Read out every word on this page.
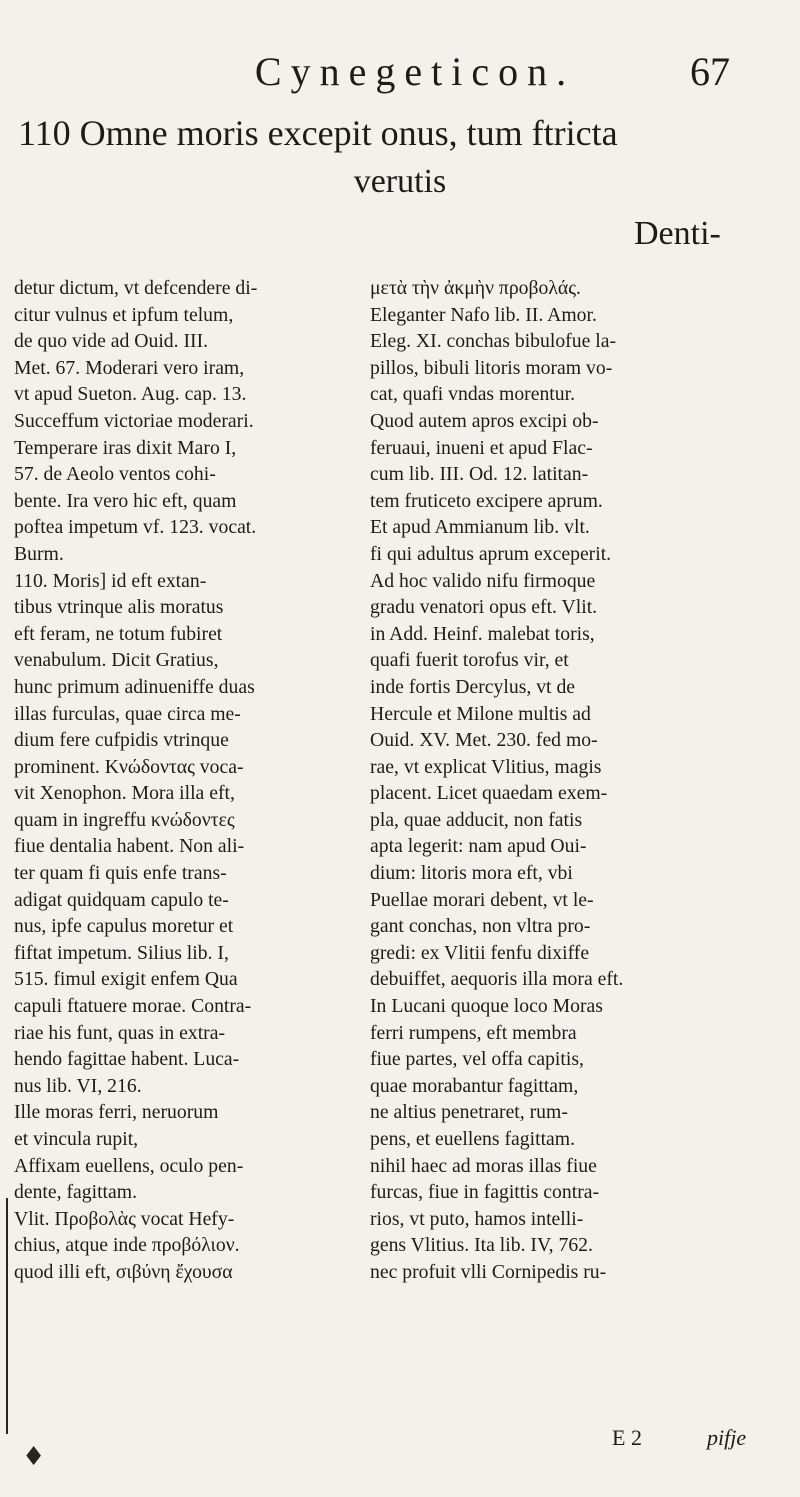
Cynegeticon.	67
110 Omne moris excepit onus, tum ftricta
verutis
Denti-
detur dictum, vt defcendere di-
citur vulnus et ipfum telum,
de quo vide ad Ouid. III.
Met. 67. Moderari vero iram,
vt apud Sueton. Aug. cap. 13.
Succeffum victoriae moderari.
Temperare iras dixit Maro I,
57. de Aeolo ventos cohi-
bente. Ira vero hic eft, quam
poftea impetum vf. 123. vocat.
Burm.
110. Moris] id eft extan-
tibus vtrinque alis moratus
eft feram, ne totum fubiret
venabulum. Dicit Gratius,
hunc primum adinueniffe duas
illas furculas, quae circa me-
dium fere cufpidis vtrinque
prominent. Κνώδοντας voca-
vit Xenophon. Mora illa eft,
quam in ingreffu κνώδοντες
fiue dentalia habent. Non ali-
ter quam fi quis enfe trans-
adigat quidquam capulo te-
nus, ipfe capulus moretur et
fiftat impetum. Silius lib. I,
515. fimul exigit enfem Qua
capuli ftatuere morae. Contra-
riae his funt, quas in extra-
hendo fagittae habent. Luca-
nus lib. VI, 216.
Ille moras ferri, neruorum
et vincula rupit,
Affixam euellens, oculo pen-
dente, fagittam.
Vlit. Προβολὰς vocat Hefy-
chius, atque inde προβόλιον.
quod illi eft, σιβύνη ἔχουσα
μετὰ τὴν ἀκμὴν προβολάς.
Eleganter Nafo lib. II. Amor.
Eleg. XI. conchas bibulofue la-
pillos, bibuli litoris moram vo-
cat, quafi vndas morentur.
Quod autem apros excipi ob-
feruaui, inueni et apud Flac-
cum lib. III. Od. 12. latitan-
tem fruticeto excipere aprum.
Et apud Ammianum lib. vlt.
fi qui adultus aprum exceperit.
Ad hoc valido nifu firmoque
gradu venatori opus eft. Vlit.
in Add. Heinf. malebat toris,
quafi fuerit torofus vir, et
inde fortis Dercylus, vt de
Hercule et Milone multis ad
Ouid. XV. Met. 230. fed mo-
rae, vt explicat Vlitius, magis
placent. Licet quaedam exem-
pla, quae adducit, non fatis
apta legerit: nam apud Oui-
dium: litoris mora eft, vbi
Puellae morari debent, vt le-
gant conchas, non vltra pro-
gredi: ex Vlitii fenfu dixiffe
debuiffet, aequoris illa mora eft.
In Lucani quoque loco Moras
ferri rumpens, eft membra
fiue partes, vel offa capitis,
quae morabantur fagittam,
ne altius penetraret, rum-
pens, et euellens fagittam.
nihil haec ad moras illas fiue
furcas, fiue in fagittis contra-
rios, vt puto, hamos intelli-
gens Vlitius. Ita lib. IV, 762.
nec profuit vlli Cornipedis ru-
♦
E 2	pifje
